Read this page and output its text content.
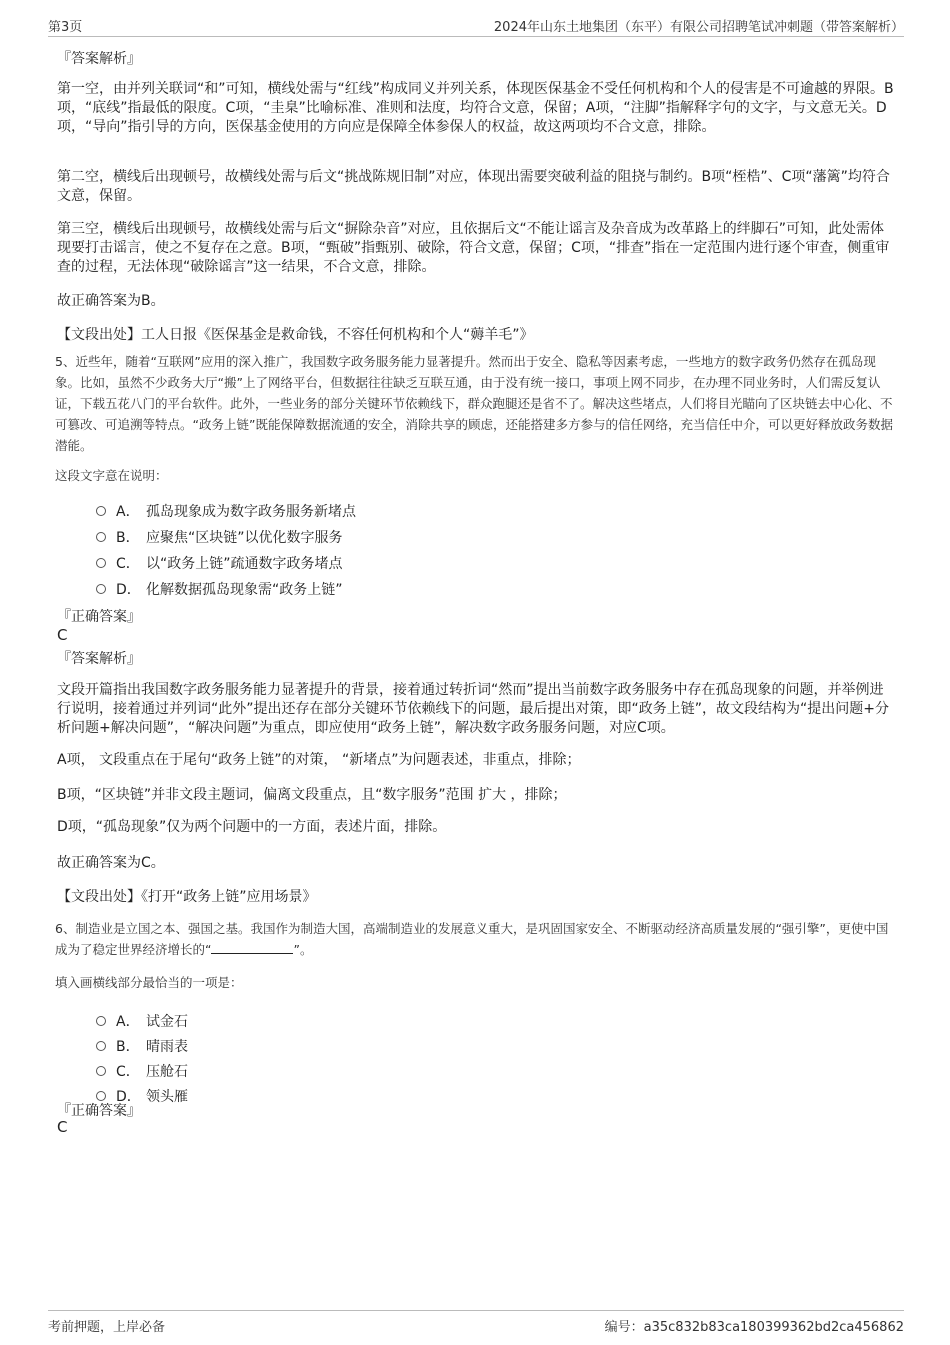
第3页	2024年山东土地集团（东平）有限公司招聘笔试冲刺题（带答案解析）
『答案解析』

第一空，由并列关联词“和”可知，横线处需与“红线”构成同义并列关系，体现医保基金不受任何机构和个人的侵害是不可逾越的界限。B项，“底线”指最低的限度。C项，“圭臬”比喻标准、准则和法度，均符合文意，保留；A项，“注脚”指解释字句的文字，与文意无关。D项，“导向”指引导的方向，医保基金使用的方向应是保障全体参保人的权益，故这两项均不合文意，排除。

第二空，横线后出现顿号，故横线处需与后文“挑战陈规旧制”对应，体现出需要突破利益的阻挠与制约。B项“桎梏”、C项“藩篱”均符合文意，保留。

第三空，横线后出现顿号，故横线处需与后文“摒除杂音”对应，且依据后文“不能让谣言及杂音成为改革路上的绊脚石”可知，此处需体现要打击谣言，使之不复存在之意。B项，“甄破”指甄别、破除，符合文意，保留；C项，“排查”指在一定范围内进行逐个审查，侧重审查的过程，无法体现“破除谣言”这一结果，不合文意，排除。

故正确答案为B。
【文段出处】工人日报《医保基金是救命钱，不容任何机构和个人“薅羊毛”》

5、近些年，随着“互联网”应用的深入推广，我国数字政务服务能力显著提升。然而出于安全、隐私等因素考虑，一些地方的数字政务仍然存在孤岛现象。比如，虽然不少政务大厅“搬”上了网络平台，但数据往往缺乏互联互通，由于没有统一接口，事项上网不同步，在办理不同业务时，人们需反复认证，下载五花八门的平台软件。此外，一些业务的部分关键环节依赖线下，群众跑腿还是省不了。解决这些堵点，人们将目光瞄向了区块链去中心化、不可篡改、可追溯等特点。“政务上链”既能保障数据流通的安全，消除共享的顾虑，还能搭建多方参与的信任网络，充当信任中介，可以更好释放政务数据潜能。

这段文字意在说明：
A． 孤岛现象成为数字政务服务新堵点
B． 应聚焦“区块链”以优化数字服务
C． 以“政务上链”疏通数字政务堵点
D． 化解数据孤岛现象需“政务上链”
『正确答案』
C
『答案解析』

文段开篇指出我国数字政务服务能力显著提升的背景，接着通过转折词“然而”提出当前数字政务服务中存在孤岛现象的问题，并举例进行说明，接着通过并列词“此外”提出还存在部分关键环节依赖线下的问题，最后提出对策，即“政务上链”，故文段结构为“提出问题+分析问题+解决问题”，“解决问题”为重点，即应使用“政务上链”，解决数字政务服务问题，对应C项。

A项， 文段重点在于尾句“政务上链”的对策， “新堵点”为问题表述，非重点，排除；

B项，“区块链”并非文段主题词，偏离文段重点，且“数字服务”范围 扩大 ，排除；

D项，“孤岛现象”仅为两个问题中的一方面，表述片面，排除。

故正确答案为C。
【文段出处】《打开“政务上链”应用场景》

6、制造业是立国之本、强国之基。我国作为制造大国，高端制造业的发展意义重大，是巩固国家安全、不断驱动经济高质量发展的“强引擎”，更使中国成为了稳定世界经济增长的“	”。

填入画横线部分最恰当的一项是：
A． 试金石
B． 晴雨表
C． 压舱石
D． 领头雁
『正确答案』
C
考前押题，上岸必备	编号：a35c832b83ca180399362bd2ca456862
